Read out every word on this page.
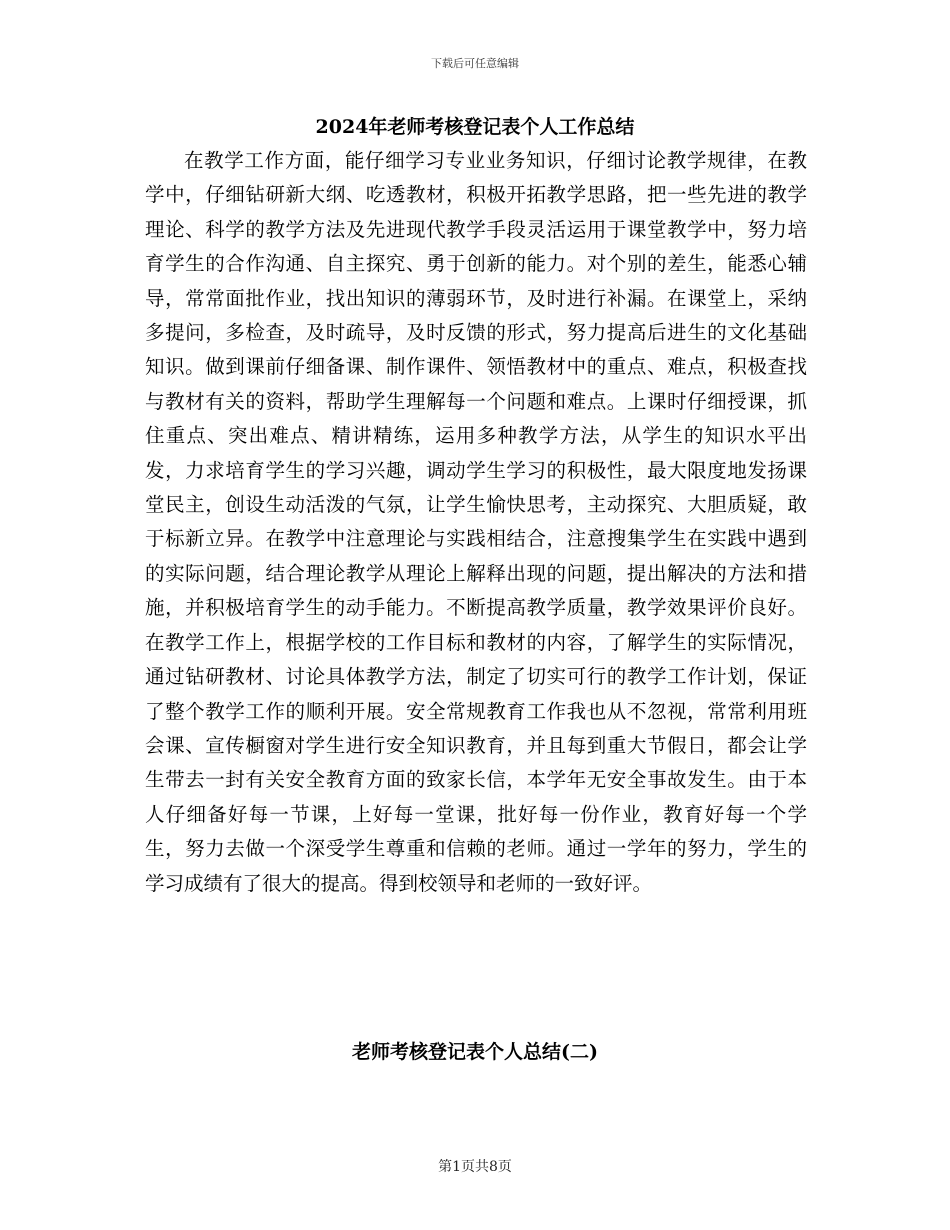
下载后可任意编辑
2024年老师考核登记表个人工作总结

在教学工作方面，能仔细学习专业业务知识，仔细讨论教学规律，在教学中，仔细钻研新大纲、吃透教材，积极开拓教学思路，把一些先进的教学理论、科学的教学方法及先进现代教学手段灵活运用于课堂教学中，努力培育学生的合作沟通、自主探究、勇于创新的能力。对个别的差生，能悉心辅导，常常面批作业，找出知识的薄弱环节，及时进行补漏。在课堂上，采纳多提问，多检查，及时疏导，及时反馈的形式，努力提高后进生的文化基础知识。做到课前仔细备课、制作课件、领悟教材中的重点、难点，积极查找与教材有关的资料，帮助学生理解每一个问题和难点。上课时仔细授课，抓住重点、突出难点、精讲精练，运用多种教学方法，从学生的知识水平出发，力求培育学生的学习兴趣，调动学生学习的积极性，最大限度地发扬课堂民主，创设生动活泼的气氛，让学生愉快思考，主动探究、大胆质疑，敢于标新立异。在教学中注意理论与实践相结合，注意搜集学生在实践中遇到的实际问题，结合理论教学从理论上解释出现的问题，提出解决的方法和措施，并积极培育学生的动手能力。不断提高教学质量，教学效果评价良好。在教学工作上，根据学校的工作目标和教材的内容，了解学生的实际情况，通过钻研教材、讨论具体教学方法，制定了切实可行的教学工作计划，保证了整个教学工作的顺利开展。安全常规教育工作我也从不忽视，常常利用班会课、宣传橱窗对学生进行安全知识教育，并且每到重大节假日，都会让学生带去一封有关安全教育方面的致家长信，本学年无安全事故发生。由于本人仔细备好每一节课，上好每一堂课，批好每一份作业，教育好每一个学生，努力去做一个深受学生尊重和信赖的老师。通过一学年的努力，学生的学习成绩有了很大的提高。得到校领导和老师的一致好评。

老师考核登记表个人总结(二)
第1页共8页
